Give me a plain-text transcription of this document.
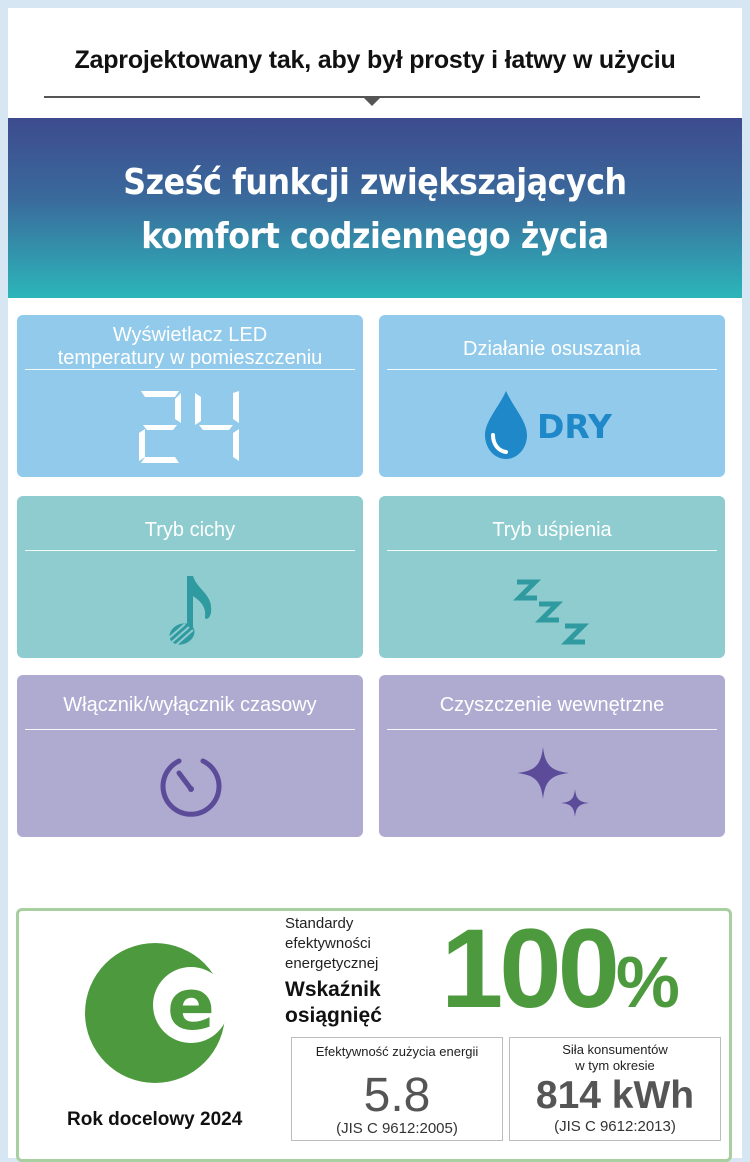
Zaprojektowany tak, aby był prosty i łatwy w użyciu
Sześć funkcji zwiększających
komfort codziennego życia
Wyświetlacz LED
temperatury w pomieszczeniu	Działanie osuszania
DRY
Tryb cichy	Tryb uśpienia
Włącznik/wyłącznik czasowy	Czyszczenie wewnętrzne
e
Standardy
efektywności
energetycznej
Wskaźnik
osiągnięć 100%
Rok docelowy 2024
Efektywność zużycia energii
5.8
(JIS C 9612:2005)
Siła konsumentów
w tym okresie
814 kWh
(JIS C 9612:2013)
